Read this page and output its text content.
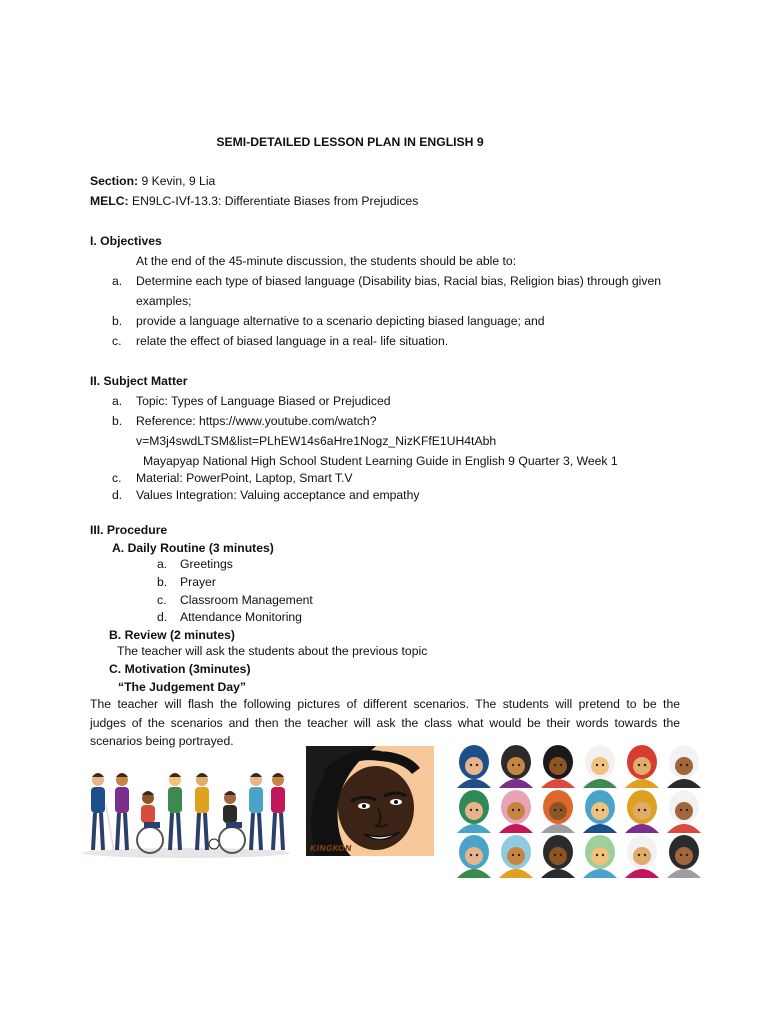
SEMI-DETAILED LESSON PLAN IN ENGLISH 9
Section: 9 Kevin, 9 Lia
MELC: EN9LC-IVf-13.3: Differentiate Biases from Prejudices
I. Objectives
At the end of the 45-minute discussion, the students should be able to:
a. Determine each type of biased language (Disability bias, Racial bias, Religion bias) through given
examples;
b. provide a language alternative to a scenario depicting biased language; and
c. relate the effect of biased language in a real- life situation.
II. Subject Matter
a. Topic: Types of Language Biased or Prejudiced
b. Reference: https://www.youtube.com/watch?
v=M3j4swdLTSM&list=PLhEW14s6aHre1Nogz_NizKFfE1UH4tAbh
Mayapyap National High School Student Learning Guide in English 9 Quarter 3, Week 1
c. Material: PowerPoint, Laptop, Smart T.V
d. Values Integration: Valuing acceptance and empathy
III. Procedure
A. Daily Routine (3 minutes)
a. Greetings
b. Prayer
c. Classroom Management
d. Attendance Monitoring
B. Review (2 minutes)
The teacher will ask the students about the previous topic
C. Motivation (3minutes)
“The Judgement Day”
The teacher will flash the following pictures of different scenarios. The students will pretend to be the
judges of the scenarios and then the teacher will ask the class what would be their words towards the
scenarios being portrayed.
KINGKON
